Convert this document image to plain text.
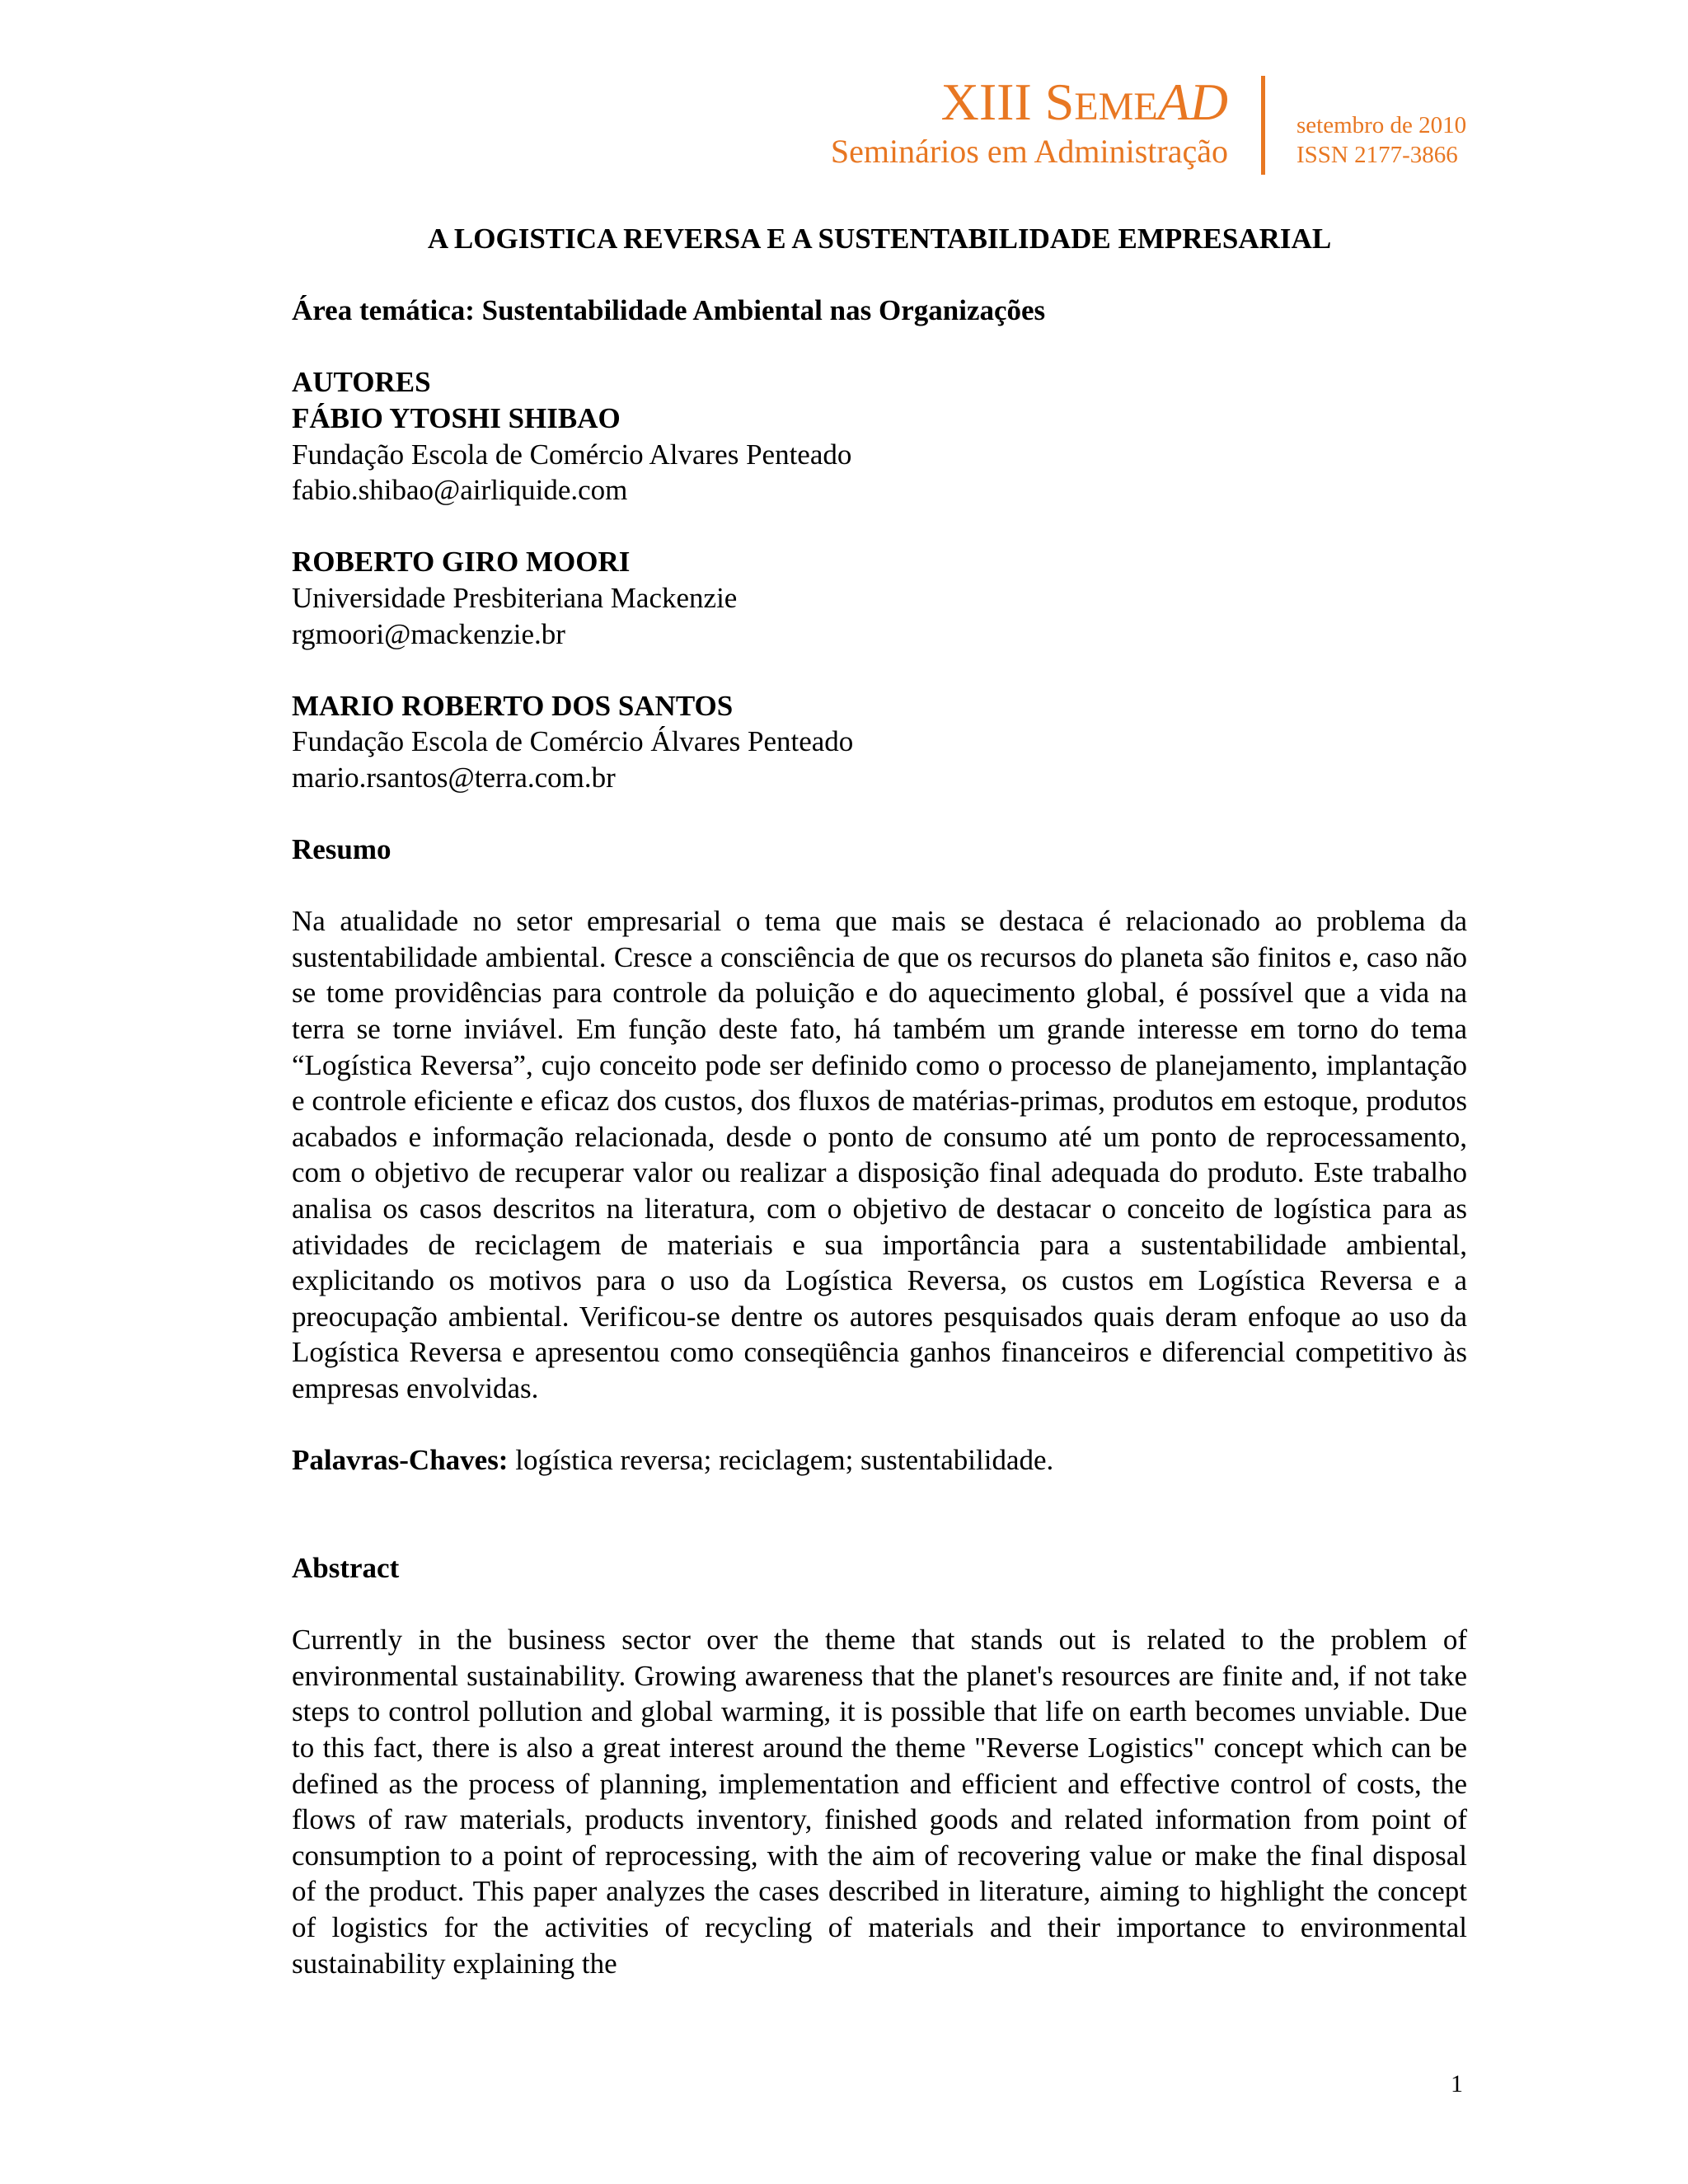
XIII SEMEAD
Seminários em Administração
setembro de 2010
ISSN 2177-3866

A LOGISTICA REVERSA E A SUSTENTABILIDADE EMPRESARIAL

Área temática: Sustentabilidade Ambiental nas Organizações

AUTORES

FÁBIO YTOSHI SHIBAO

Fundação Escola de Comércio Alvares Penteado

fabio.shibao@airliquide.com

ROBERTO GIRO MOORI

Universidade Presbiteriana Mackenzie

rgmoori@mackenzie.br

MARIO ROBERTO DOS SANTOS

Fundação Escola de Comércio Álvares Penteado

mario.rsantos@terra.com.br

Resumo

Na atualidade no setor empresarial o tema que mais se destaca é relacionado ao problema da sustentabilidade ambiental. Cresce a consciência de que os recursos do planeta são finitos e, caso não se tome providências para controle da poluição e do aquecimento global, é possível que a vida na terra se torne inviável. Em função deste fato, há também um grande interesse em torno do tema “Logística Reversa”, cujo conceito pode ser definido como o processo de planejamento, implantação e controle eficiente e eficaz dos custos, dos fluxos de matérias-primas, produtos em estoque, produtos acabados e informação relacionada, desde o ponto de consumo até um ponto de reprocessamento, com o objetivo de recuperar valor ou realizar a disposição final adequada do produto. Este trabalho analisa os casos descritos na literatura, com o objetivo de destacar o conceito de logística para as atividades de reciclagem de materiais e sua importância para a sustentabilidade ambiental, explicitando os motivos para o uso da Logística Reversa, os custos em Logística Reversa e a preocupação ambiental. Verificou-se dentre os autores pesquisados quais deram enfoque ao uso da Logística Reversa e apresentou como conseqüência ganhos financeiros e diferencial competitivo às empresas envolvidas.

Palavras-Chaves: logística reversa; reciclagem; sustentabilidade.

Abstract

Currently in the business sector over the theme that stands out is related to the problem of environmental sustainability. Growing awareness that the planet's resources are finite and, if not take steps to control pollution and global warming, it is possible that life on earth becomes unviable. Due to this fact, there is also a great interest around the theme "Reverse Logistics" concept which can be defined as the process of planning, implementation and efficient and effective control of costs, the flows of raw materials, products inventory, finished goods and related information from point of consumption to a point of reprocessing, with the aim of recovering value or make the final disposal of the product. This paper analyzes the cases described in literature, aiming to highlight the concept of logistics for the activities of recycling of materials and their importance to environmental sustainability explaining the

1
